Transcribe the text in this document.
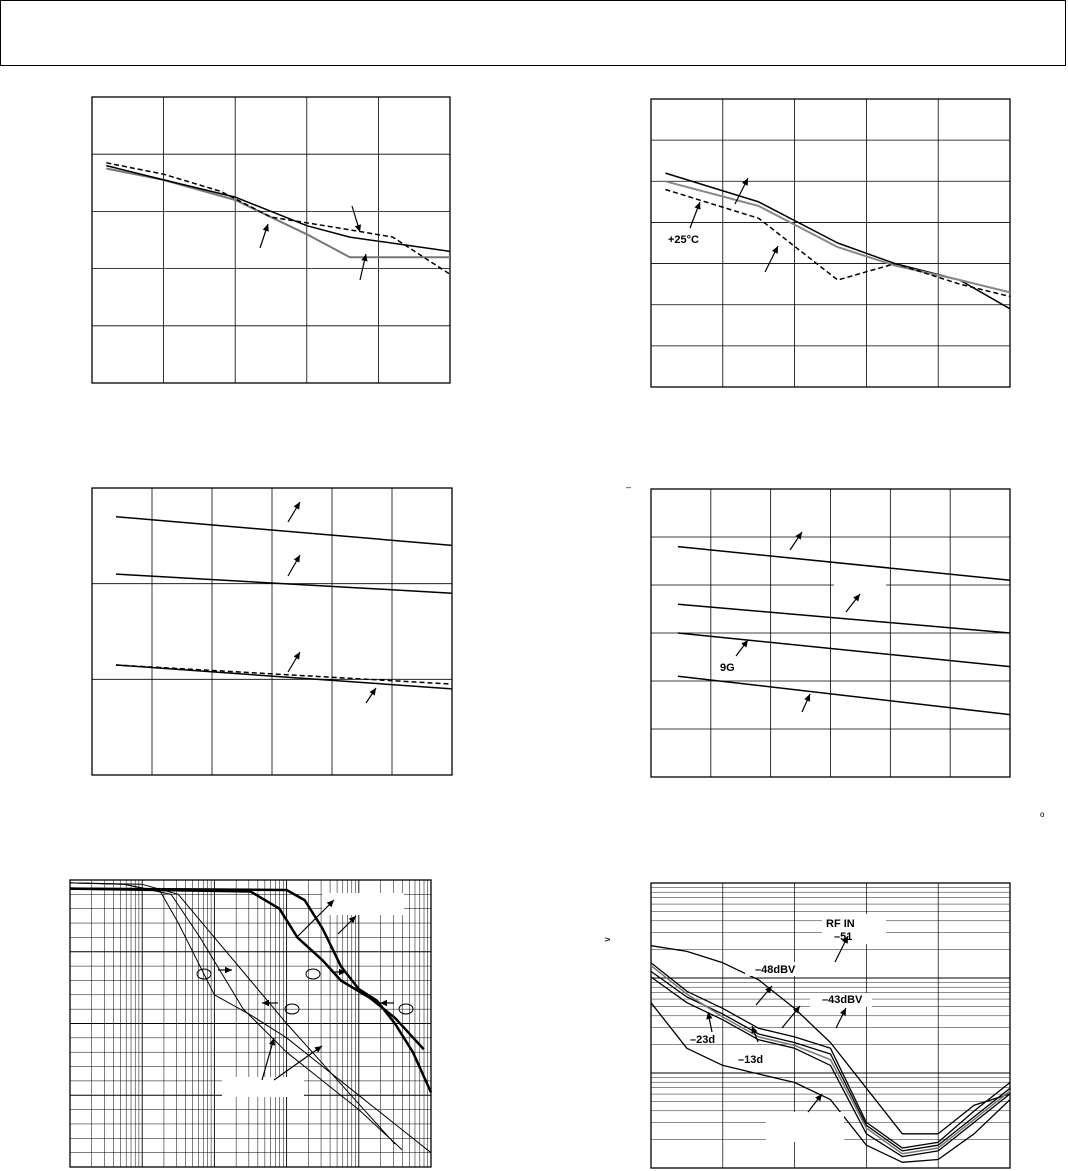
–
o
∨
+25°C
9G
RF IN
–51
–48dBV
–43dBV
–23d
–13d
